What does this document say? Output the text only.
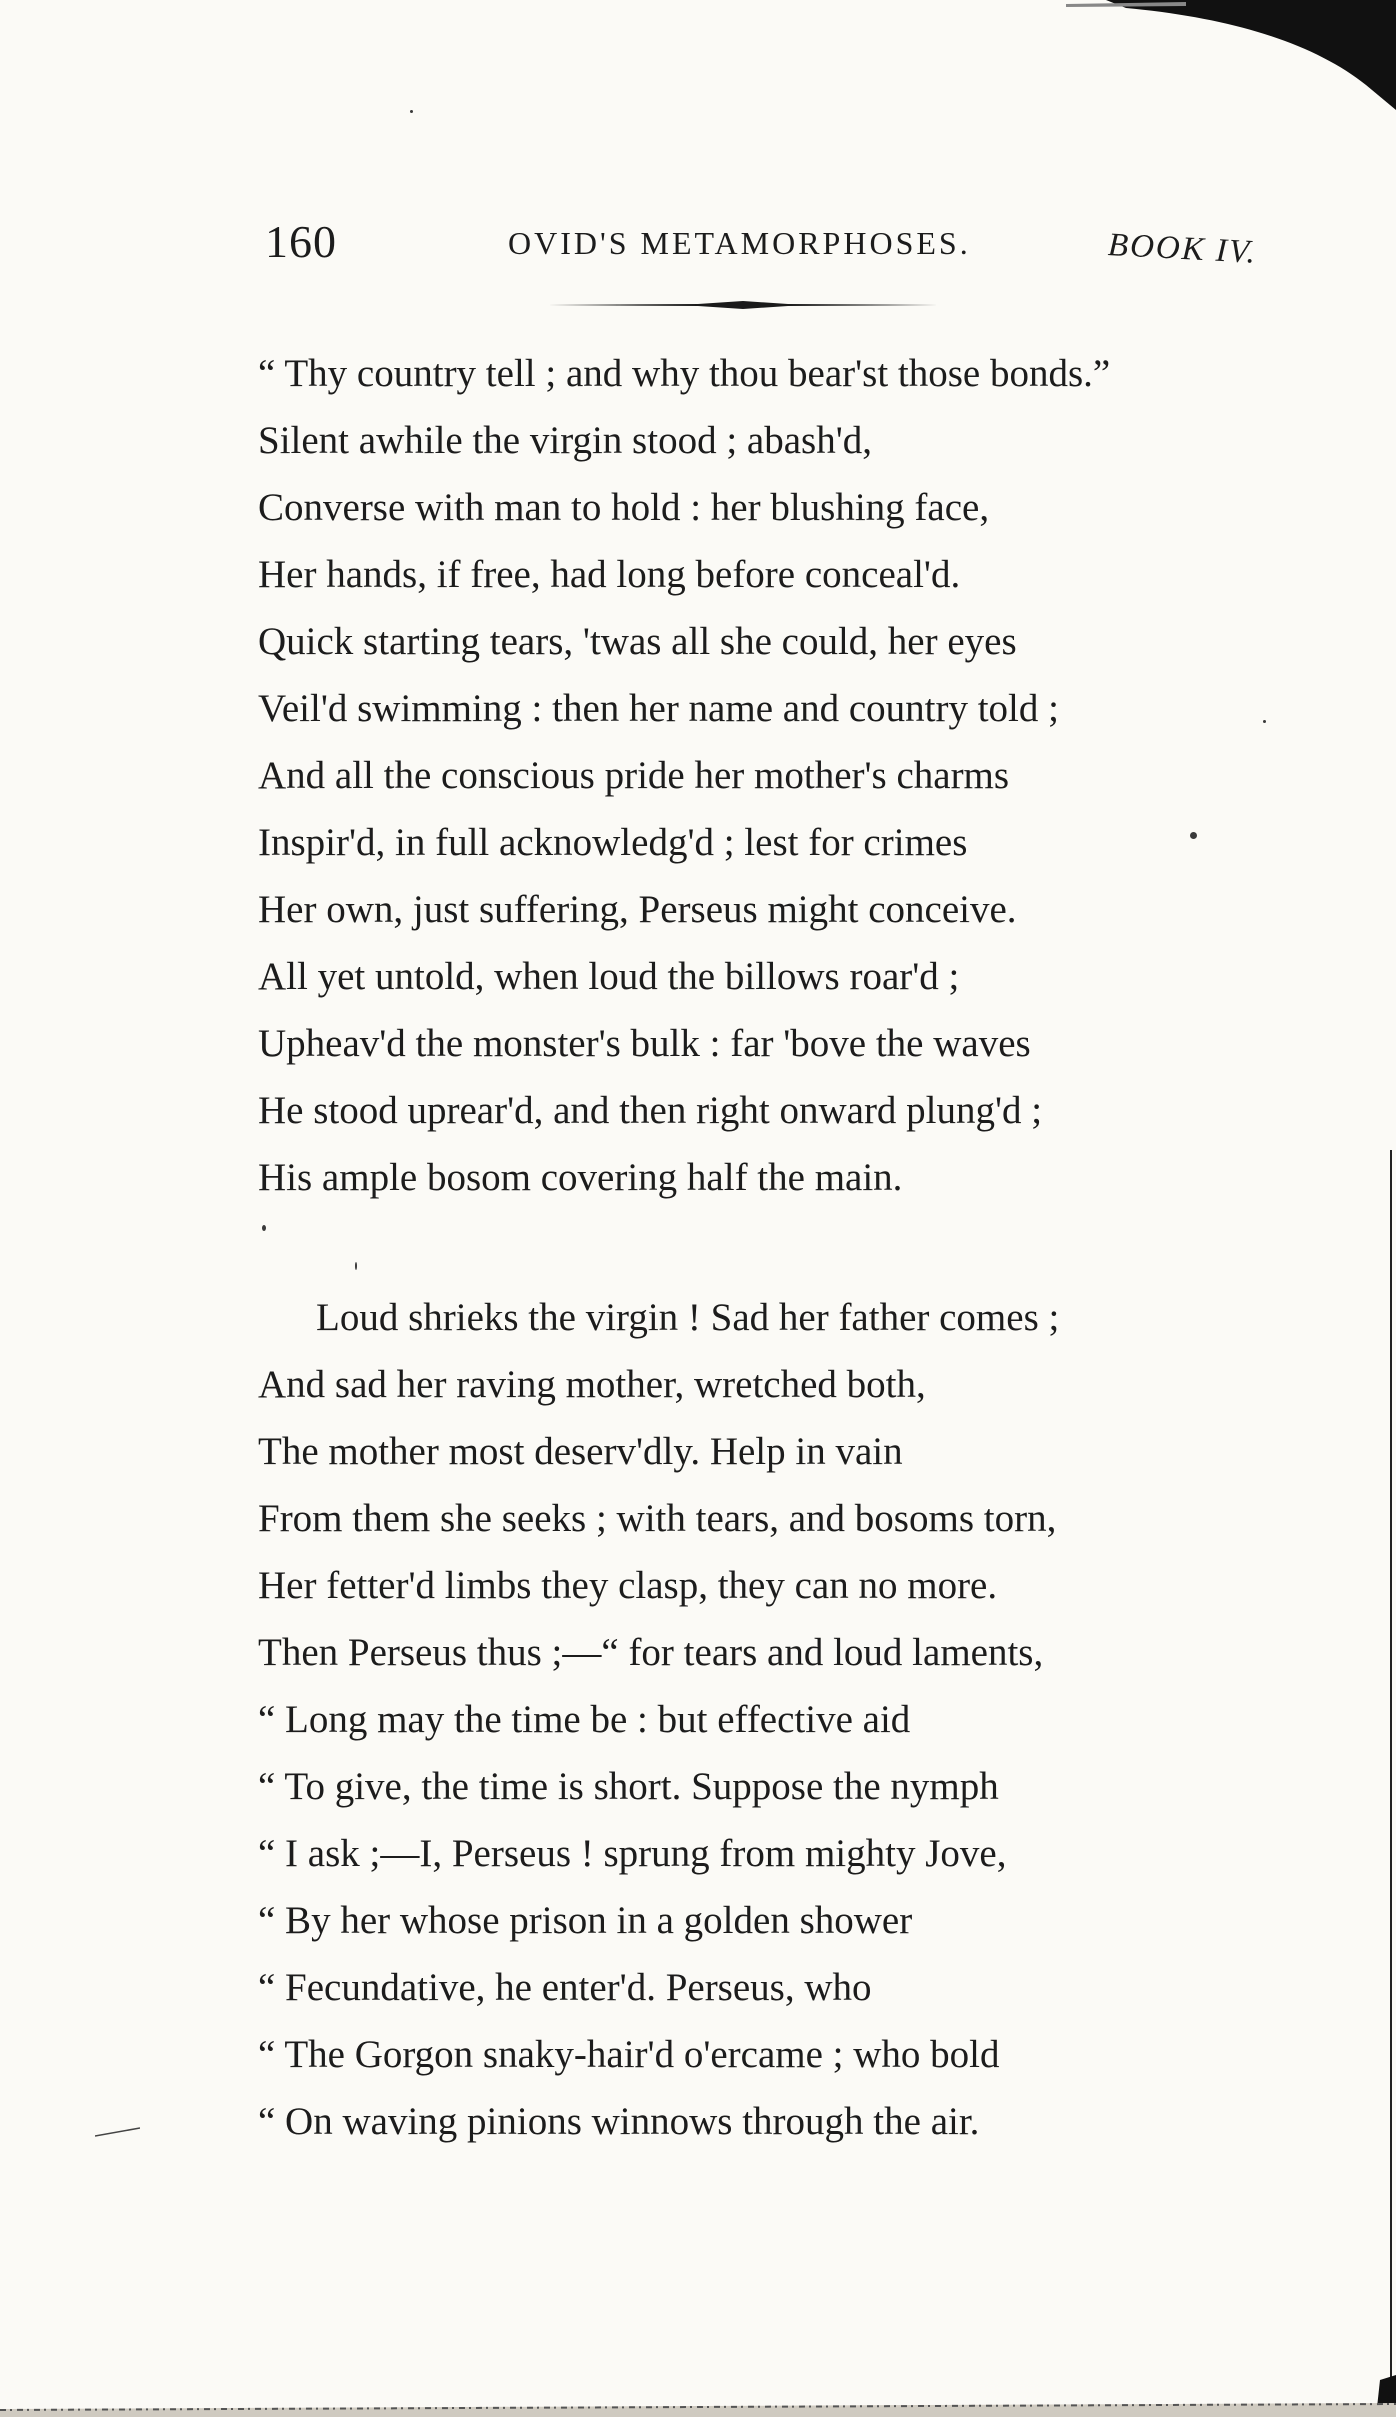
160	OVID'S METAMORPHOSES.	BOOK IV.
“ Thy country tell ; and why thou bear'st those bonds.”
Silent awhile the virgin stood ; abash'd,
Converse with man to hold : her blushing face,
Her hands, if free, had long before conceal'd.
Quick starting tears, 'twas all she could, her eyes
Veil'd swimming : then her name and country told ;
And all the conscious pride her mother's charms
Inspir'd, in full acknowledg'd ; lest for crimes
Her own, just suffering, Perseus might conceive.
All yet untold, when loud the billows roar'd ;
Upheav'd the monster's bulk : far 'bove the waves
He stood uprear'd, and then right onward plung'd ;
His ample bosom covering half the main.
Loud shrieks the virgin ! Sad her father comes ;
And sad her raving mother, wretched both,
The mother most deserv'dly. Help in vain
From them she seeks ; with tears, and bosoms torn,
Her fetter'd limbs they clasp, they can no more.
Then Perseus thus ;—“ for tears and loud laments,
“ Long may the time be : but effective aid
“ To give, the time is short. Suppose the nymph
“ I ask ;—I, Perseus ! sprung from mighty Jove,
“ By her whose prison in a golden shower
“ Fecundative, he enter'd. Perseus, who
“ The Gorgon snaky-hair'd o'ercame ; who bold
“ On waving pinions winnows through the air.
